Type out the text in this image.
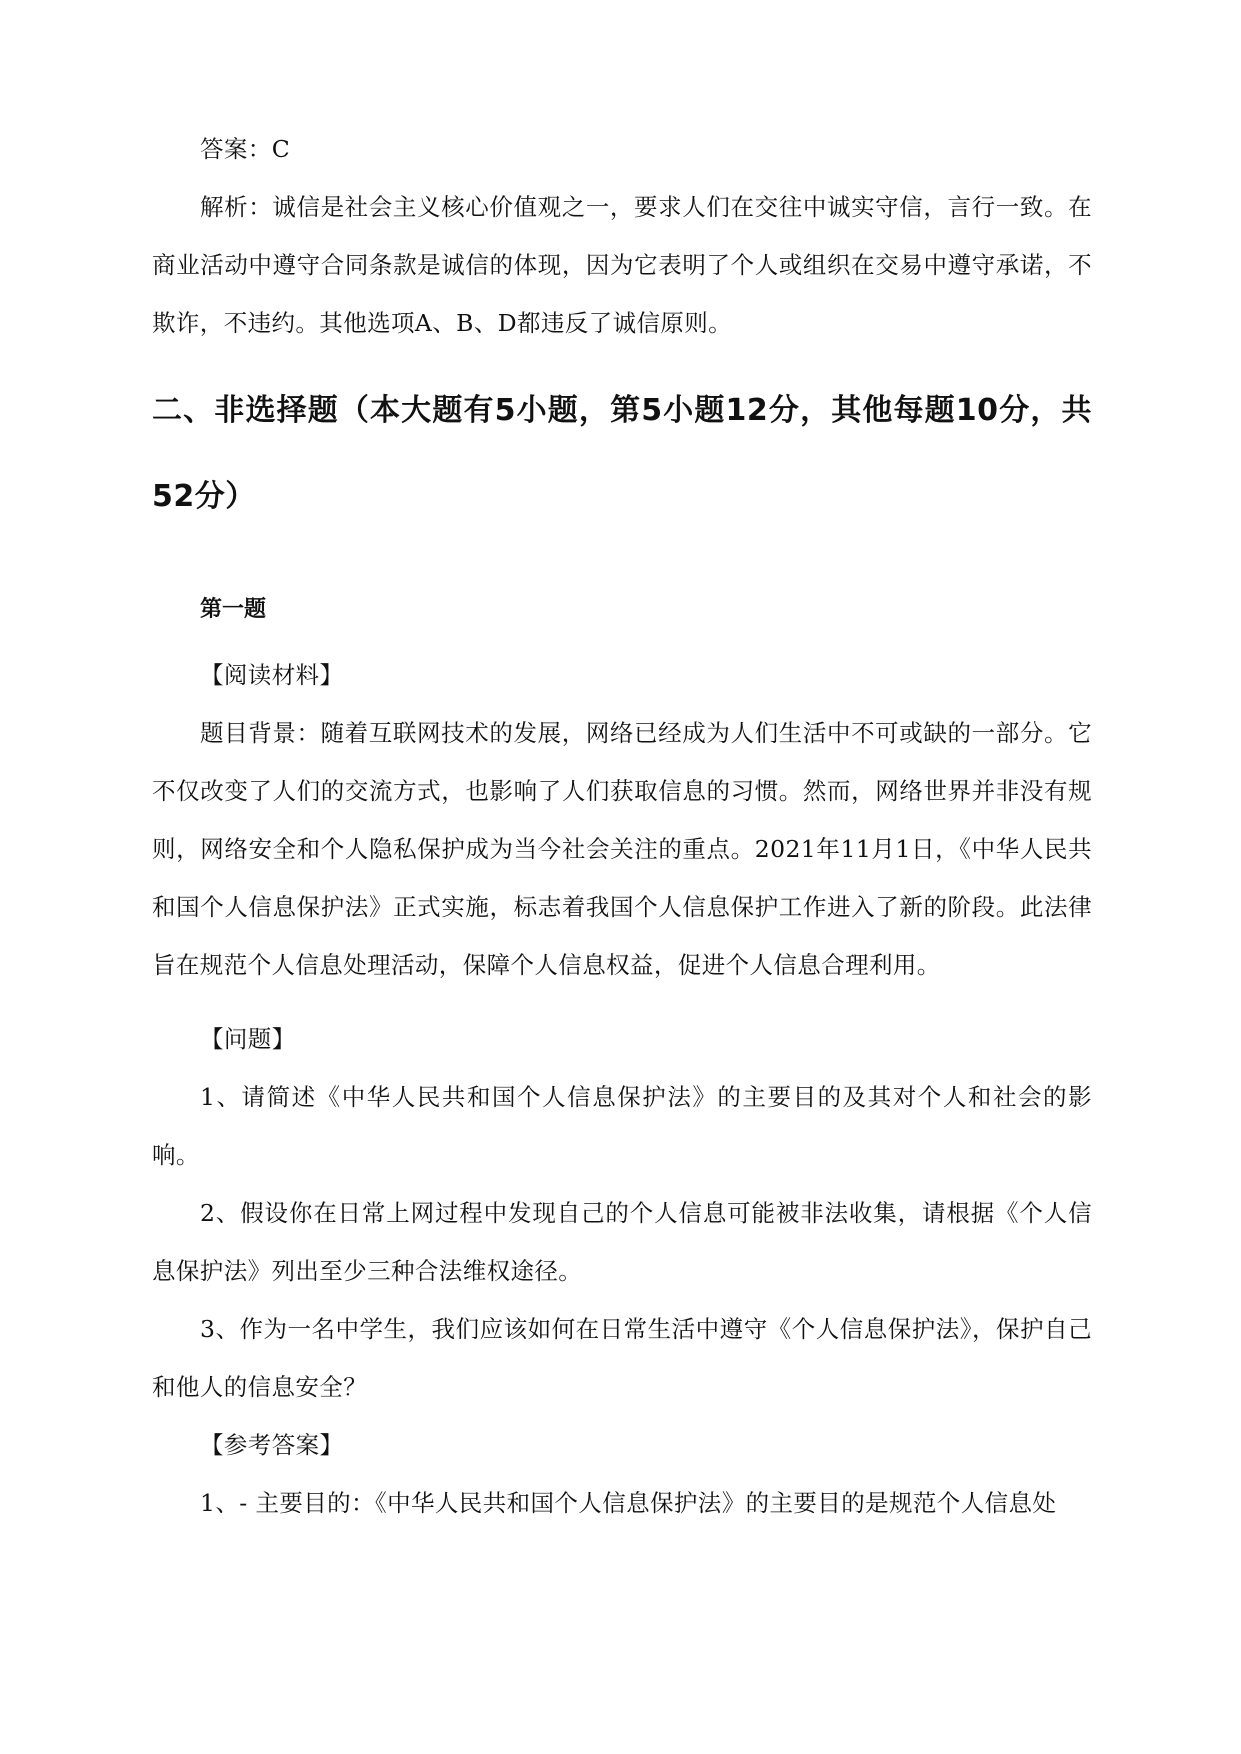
答案：C

解析：诚信是社会主义核心价值观之一，要求人们在交往中诚实守信，言行一致。在商业活动中遵守合同条款是诚信的体现，因为它表明了个人或组织在交易中遵守承诺，不欺诈，不违约。其他选项A、B、D都违反了诚信原则。

二、非选择题（本大题有5小题，第5小题12分，其他每题10分，共52分）
第一题

【阅读材料】

题目背景：随着互联网技术的发展，网络已经成为人们生活中不可或缺的一部分。它不仅改变了人们的交流方式，也影响了人们获取信息的习惯。然而，网络世界并非没有规则，网络安全和个人隐私保护成为当今社会关注的重点。2021年11月1日，《中华人民共和国个人信息保护法》正式实施，标志着我国个人信息保护工作进入了新的阶段。此法律旨在规范个人信息处理活动，保障个人信息权益，促进个人信息合理利用。

【问题】

1、请简述《中华人民共和国个人信息保护法》的主要目的及其对个人和社会的影响。

2、假设你在日常上网过程中发现自己的个人信息可能被非法收集，请根据《个人信息保护法》列出至少三种合法维权途径。

3、作为一名中学生，我们应该如何在日常生活中遵守《个人信息保护法》，保护自己和他人的信息安全？

【参考答案】

1、- 主要目的：《中华人民共和国个人信息保护法》的主要目的是规范个人信息处
